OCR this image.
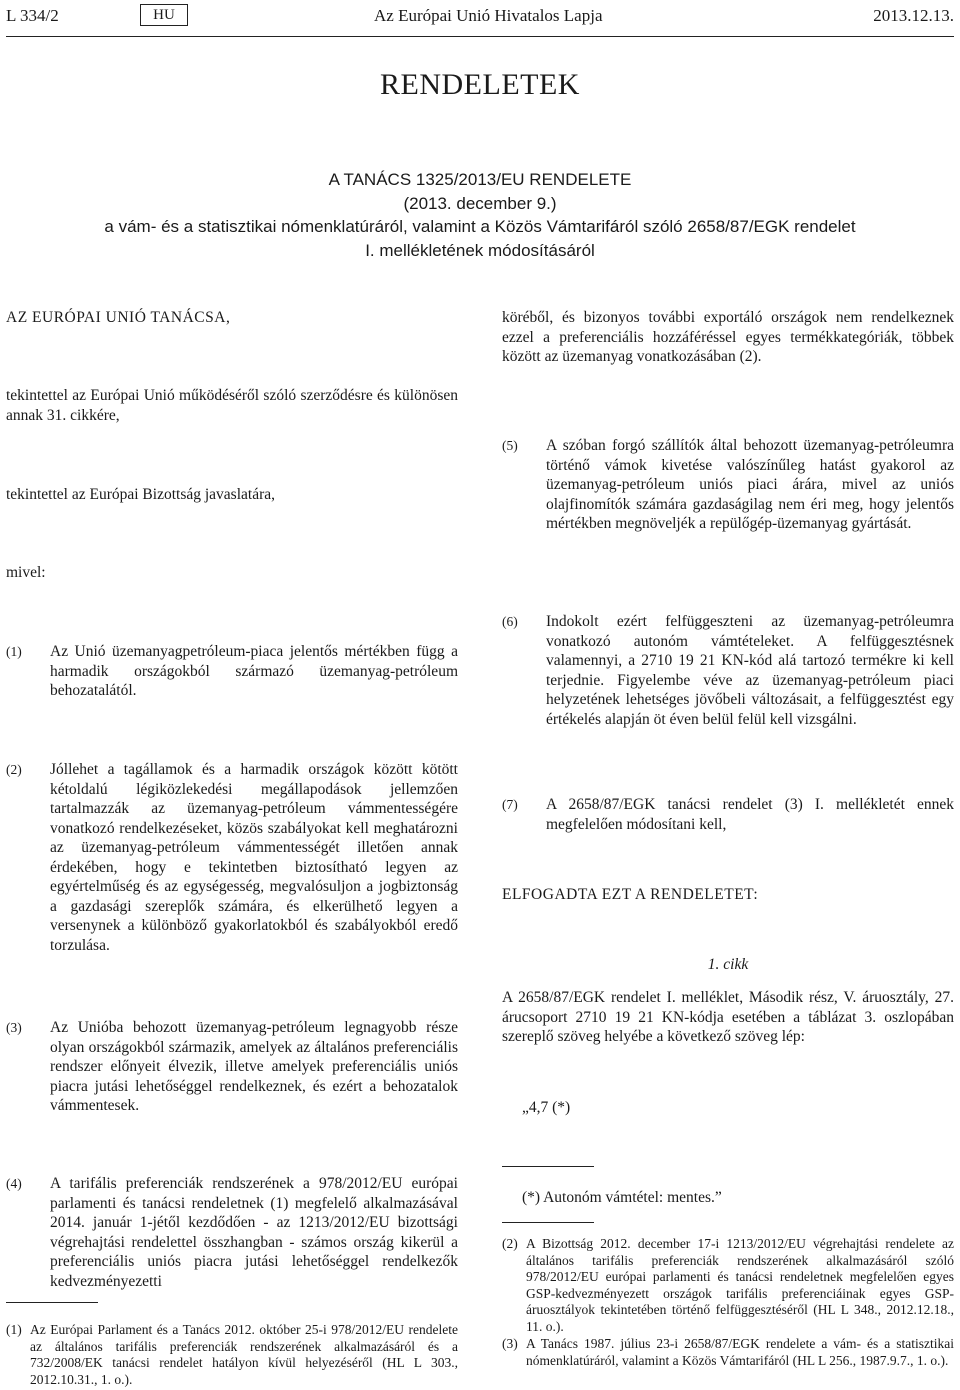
L 334/2	HU	Az Európai Unió Hivatalos Lapja	2013.12.13.
RENDELETEK
A TANÁCS 1325/2013/EU RENDELETE
(2013. december 9.)
a vám- és a statisztikai nómenklatúráról, valamint a Közös Vámtarifáról szóló 2658/87/EGK rendelet
I. mellékletének módosításáról
AZ EURÓPAI UNIÓ TANÁCSA,
tekintettel az Európai Unió működéséről szóló szerződésre és különösen annak 31. cikkére,
tekintettel az Európai Bizottság javaslatára,
mivel:
(1) Az Unió üzemanyagpetróleum-piaca jelentős mértékben függ a harmadik országokból származó üzemanyag-petróleum behozatalától.
(2) Jóllehet a tagállamok és a harmadik országok között kötött kétoldalú légiközlekedési megállapodások jellemzően tartalmazzák az üzemanyag-petróleum vámmentességére vonatkozó rendelkezéseket, közös szabályokat kell meghatározni az üzemanyag-petróleum vámmentességét illetően annak érdekében, hogy e tekintetben biztosítható legyen az egyértelműség és az egységesség, megvalósuljon a jogbiztonság a gazdasági szereplők számára, és elkerülhető legyen a versenynek a különböző gyakorlatokból és szabályokból eredő torzulása.
(3) Az Unióba behozott üzemanyag-petróleum legnagyobb része olyan országokból származik, amelyek az általános preferenciális rendszer előnyeit élvezik, illetve amelyek preferenciális uniós piacra jutási lehetőséggel rendelkeznek, és ezért a behozatalok vámmentesek.
(4) A tarifális preferenciák rendszerének a 978/2012/EU európai parlamenti és tanácsi rendeletnek (1) megfelelő alkalmazásával 2014. január 1-jétől kezdődően - az 1213/2012/EU bizottsági végrehajtási rendelettel összhangban - számos ország kikerül a preferenciális uniós piacra jutási lehetőséggel rendelkezők kedvezményezetti
köréből, és bizonyos további exportáló országok nem rendelkeznek ezzel a preferenciális hozzáféréssel egyes termékkategóriák, többek között az üzemanyag vonatkozásában (2).
(5) A szóban forgó szállítók által behozott üzemanyag-petróleumra történő vámok kivetése valószínűleg hatást gyakorol az üzemanyag-petróleum uniós piaci árára, mivel az uniós olajfinomítók számára gazdaságilag nem éri meg, hogy jelentős mértékben megnöveljék a repülőgép-üzemanyag gyártását.
(6) Indokolt ezért felfüggeszteni az üzemanyag-petróleumra vonatkozó autonóm vámtételeket. A felfüggesztésnek valamennyi, a 2710 19 21 KN-kód alá tartozó termékre ki kell terjednie. Figyelembe véve az üzemanyag-petróleum piaci helyzetének lehetséges jövőbeli változásait, a felfüggesztést egy értékelés alapján öt éven belül felül kell vizsgálni.
(7) A 2658/87/EGK tanácsi rendelet (3) I. mellékletét ennek megfelelően módosítani kell,
ELFOGADTA EZT A RENDELETET:
1. cikk
A 2658/87/EGK rendelet I. melléklet, Második rész, V. áruosztály, 27. árucsoport 2710 19 21 KN-kódja esetében a táblázat 3. oszlopában szereplő szöveg helyébe a következő szöveg lép:
„4,7 (*)
(*) Autonóm vámtétel: mentes.”
(1) Az Európai Parlament és a Tanács 2012. október 25-i 978/2012/EU rendelete az általános tarifális preferenciák rendszerének alkalmazásáról és a 732/2008/EK tanácsi rendelet hatályon kívül helyezéséről (HL L 303., 2012.10.31., 1. o.).
(2) A Bizottság 2012. december 17-i 1213/2012/EU végrehajtási rendelete az általános tarifális preferenciák rendszerének alkalmazásáról szóló 978/2012/EU európai parlamenti és tanácsi rendeletnek megfelelően egyes GSP-kedvezményezett országok tarifális preferenciáinak egyes GSP-áruosztályok tekintetében történő felfüggesztéséről (HL L 348., 2012.12.18., 11. o.).
(3) A Tanács 1987. július 23-i 2658/87/EGK rendelete a vám- és a statisztikai nómenklatúráról, valamint a Közös Vámtarifáról (HL L 256., 1987.9.7., 1. o.).
